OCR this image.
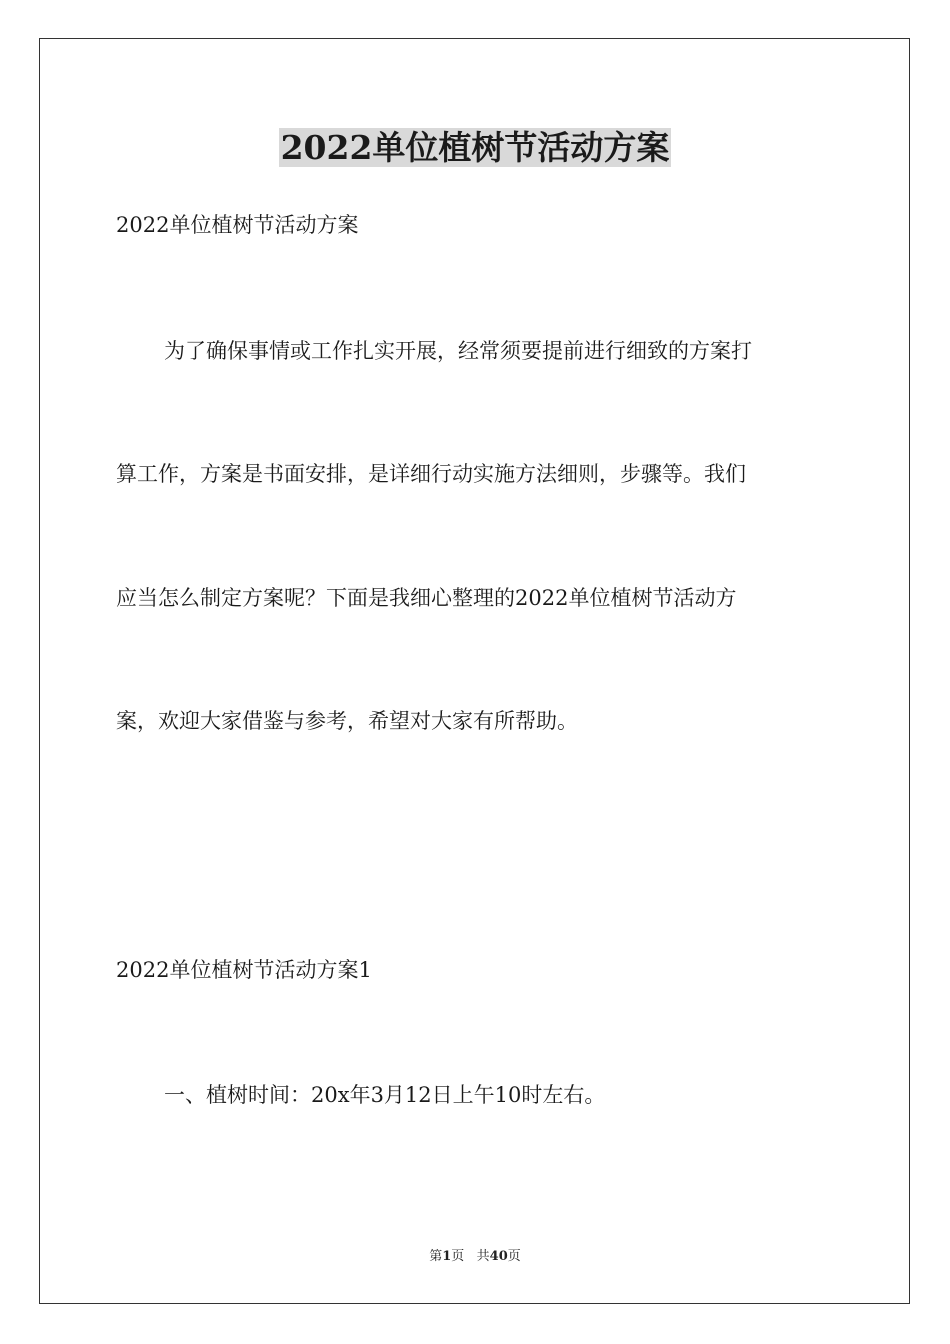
2022单位植树节活动方案
2022单位植树节活动方案
为了确保事情或工作扎实开展，经常须要提前进行细致的方案打
算工作，方案是书面安排，是详细行动实施方法细则，步骤等。我们
应当怎么制定方案呢？下面是我细心整理的2022单位植树节活动方
案，欢迎大家借鉴与参考，希望对大家有所帮助。
2022单位植树节活动方案1
一、植树时间：20x年3月12日上午10时左右。
第1页   共40页
